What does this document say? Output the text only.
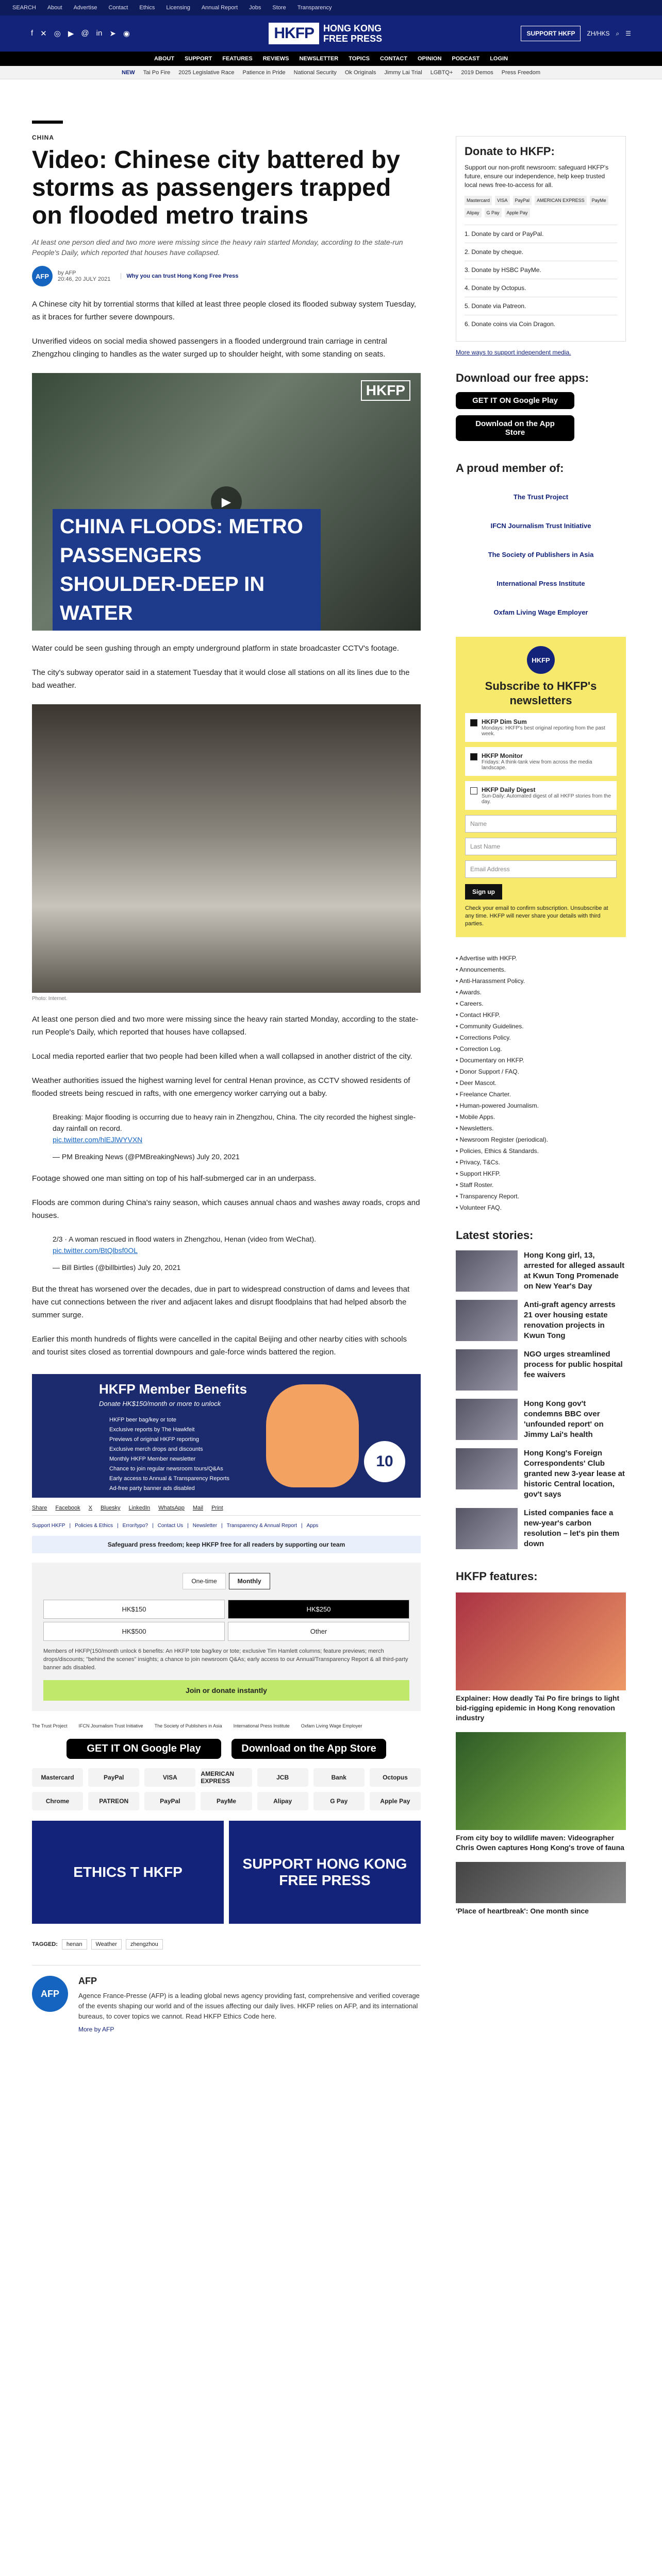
SEARCH About Advertise Contact Ethics Licensing Annual Report Jobs Store Transparency
f ✕ ◎ ▶ @ in ➤ ◉	HKFP	HONG KONG
FREE PRESS	SUPPORT HKFP	ZH/HKS ⌕ ☰
ABOUT SUPPORT FEATURES REVIEWS NEWSLETTER TOPICS CONTACT OPINION PODCAST LOGIN
NEW Tai Po Fire 2025 Legislative Race Patience in Pride National Security Ok Originals Jimmy Lai Trial LGBTQ+ 2019 Demos Press Freedom
CHINA
Video: Chinese city battered by storms as passengers trapped on flooded metro trains

At least one person died and two more were missing since the heavy rain started Monday, according to the state-run People's Daily, which reported that houses have collapsed.

AFP	by AFP
20:46, 20 JULY 2021	Why you can trust Hong Kong Free Press

A Chinese city hit by torrential storms that killed at least three people closed its flooded subway system Tuesday, as it braces for further severe downpours.

Unverified videos on social media showed passengers in a flooded underground train carriage in central Zhengzhou clinging to handles as the water surged up to shoulder height, with some standing on seats.

HKFP
▶
CHINA FLOODS: METRO PASSENGERS SHOULDER-DEEP IN WATER

Water could be seen gushing through an empty underground platform in state broadcaster CCTV's footage.

The city's subway operator said in a statement Tuesday that it would close all stations on all its lines due to the bad weather.

Photo: Internet.

At least one person died and two more were missing since the heavy rain started Monday, according to the state-run People's Daily, which reported that houses have collapsed.

Local media reported earlier that two people had been killed when a wall collapsed in another district of the city.

Weather authorities issued the highest warning level for central Henan province, as CCTV showed residents of flooded streets being rescued in rafts, with one emergency worker carrying out a baby.

Breaking: Major flooding is occurring due to heavy rain in Zhengzhou, China. The city recorded the highest single-day rainfall on record.
pic.twitter.com/hlEJlWYVXN
— PM Breaking News (@PMBreakingNews) July 20, 2021

Footage showed one man sitting on top of his half-submerged car in an underpass.

Floods are common during China's rainy season, which causes annual chaos and washes away roads, crops and houses.

2/3 · A woman rescued in flood waters in Zhengzhou, Henan (video from WeChat).
pic.twitter.com/BtQlbsf0OL
— Bill Birtles (@billbirtles) July 20, 2021

But the threat has worsened over the decades, due in part to widespread construction of dams and levees that have cut connections between the river and adjacent lakes and disrupt floodplains that had helped absorb the summer surge.

Earlier this month hundreds of flights were cancelled in the capital Beijing and other nearby cities with schools and tourist sites closed as torrential downpours and gale-force winds battered the region.

HKFP Member Benefits
Donate HK$150/month or more to unlock
HKFP beer bag/key or tote
Exclusive reports by The Hawkfeit
Previews of original HKFP reporting
Exclusive merch drops and discounts
Monthly HKFP Member newsletter
Chance to join regular newsroom tours/Q&As
Early access to Annual & Transparency Reports
Ad-free party banner ads disabled
10
Share Facebook X Bluesky LinkedIn WhatsApp Mail Print
Support HKFP | Policies & Ethics | Error/typo? | Contact Us | Newsletter | Transparency & Annual Report | Apps
Safeguard press freedom; keep HKFP free for all readers by supporting our team
One-time	Monthly
HK$150	HK$250
HK$500	Other

Members of HKFP(150/month unlock 6 benefits: An HKFP tote bag/key or tote; exclusive Tim Hamlett columns; feature previews; merch drops/discounts; "behind the scenes" insights; a chance to join newsroom Q&As; early access to our Annual/Transparency Report & all third-party banner ads disabled.

Join or donate instantly
The Trust Project IFCN Journalism Trust Initiative The Society of Publishers in Asia International Press Institute Oxfam Living Wage Employer
GET IT ON Google Play	Download on the App Store
Mastercard	PayPal	VISA	AMERICAN EXPRESS	JCB	Bank	Octopus
Chrome	PATREON	PayPal	PayMe	Alipay	G Pay	Apple Pay
ETHICS T HKFP
SUPPORT HONG KONG FREE PRESS
TAGGED:	henan	Weather	zhengzhou
AFP
AFP

Agence France-Presse (AFP) is a leading global news agency providing fast, comprehensive and verified coverage of the events shaping our world and of the issues affecting our daily lives. HKFP relies on AFP, and its international bureaus, to cover topics we cannot. Read HKFP Ethics Code here.

More by AFP
Donate to HKFP:

Support our non-profit newsroom: safeguard HKFP's future, ensure our independence, help keep trusted local news free-to-access for all.

Mastercard	VISA	PayPal	AMERICAN EXPRESS	PayMe
Alipay	G Pay	Apple Pay
1. Donate by card or PayPal.
2. Donate by cheque.
3. Donate by HSBC PayMe.
4. Donate by Octopus.
5. Donate via Patreon.
6. Donate coins via Coin Dragon.
More ways to support independent media.
Download our free apps:
GET IT ON Google Play
Download on the App Store
A proud member of:
The Trust Project
IFCN Journalism Trust Initiative
The Society of Publishers in Asia
International Press Institute
Oxfam Living Wage Employer
HKFP
Subscribe to HKFP's newsletters
HKFP Dim Sum
Mondays: HKFP's best original reporting from the past week.
HKFP Monitor
Fridays: A think-tank view from across the media landscape.
HKFP Daily Digest
Sun-Daily: Automated digest of all HKFP stories from the day.
Name
Last Name
Email Address
Sign up

Check your email to confirm subscription. Unsubscribe at any time. HKFP will never share your details with third parties.

• Advertise with HKFP.
• Announcements.
• Anti-Harassment Policy.
• Awards.
• Careers.
• Contact HKFP.
• Community Guidelines.
• Corrections Policy.
• Correction Log.
• Documentary on HKFP.
• Donor Support / FAQ.
• Deer Mascot.
• Freelance Charter.
• Human-powered Journalism.
• Mobile Apps.
• Newsletters.
• Newsroom Register (periodical).
• Policies, Ethics & Standards.
• Privacy, T&Cs.
• Support HKFP.
• Staff Roster.
• Transparency Report.
• Volunteer FAQ.
Latest stories:
Hong Kong girl, 13, arrested for alleged assault at Kwun Tong Promenade on New Year's Day
Anti-graft agency arrests 21 over housing estate renovation projects in Kwun Tong
NGO urges streamlined process for public hospital fee waivers
Hong Kong gov't condemns BBC over 'unfounded report' on Jimmy Lai's health
Hong Kong's Foreign Correspondents' Club granted new 3-year lease at historic Central location, gov't says
Listed companies face a new-year's carbon resolution – let's pin them down
HKFP features:
Explainer: How deadly Tai Po fire brings to light bid-rigging epidemic in Hong Kong renovation industry
From city boy to wildlife maven: Videographer Chris Owen captures Hong Kong's trove of fauna
'Place of heartbreak': One month since
